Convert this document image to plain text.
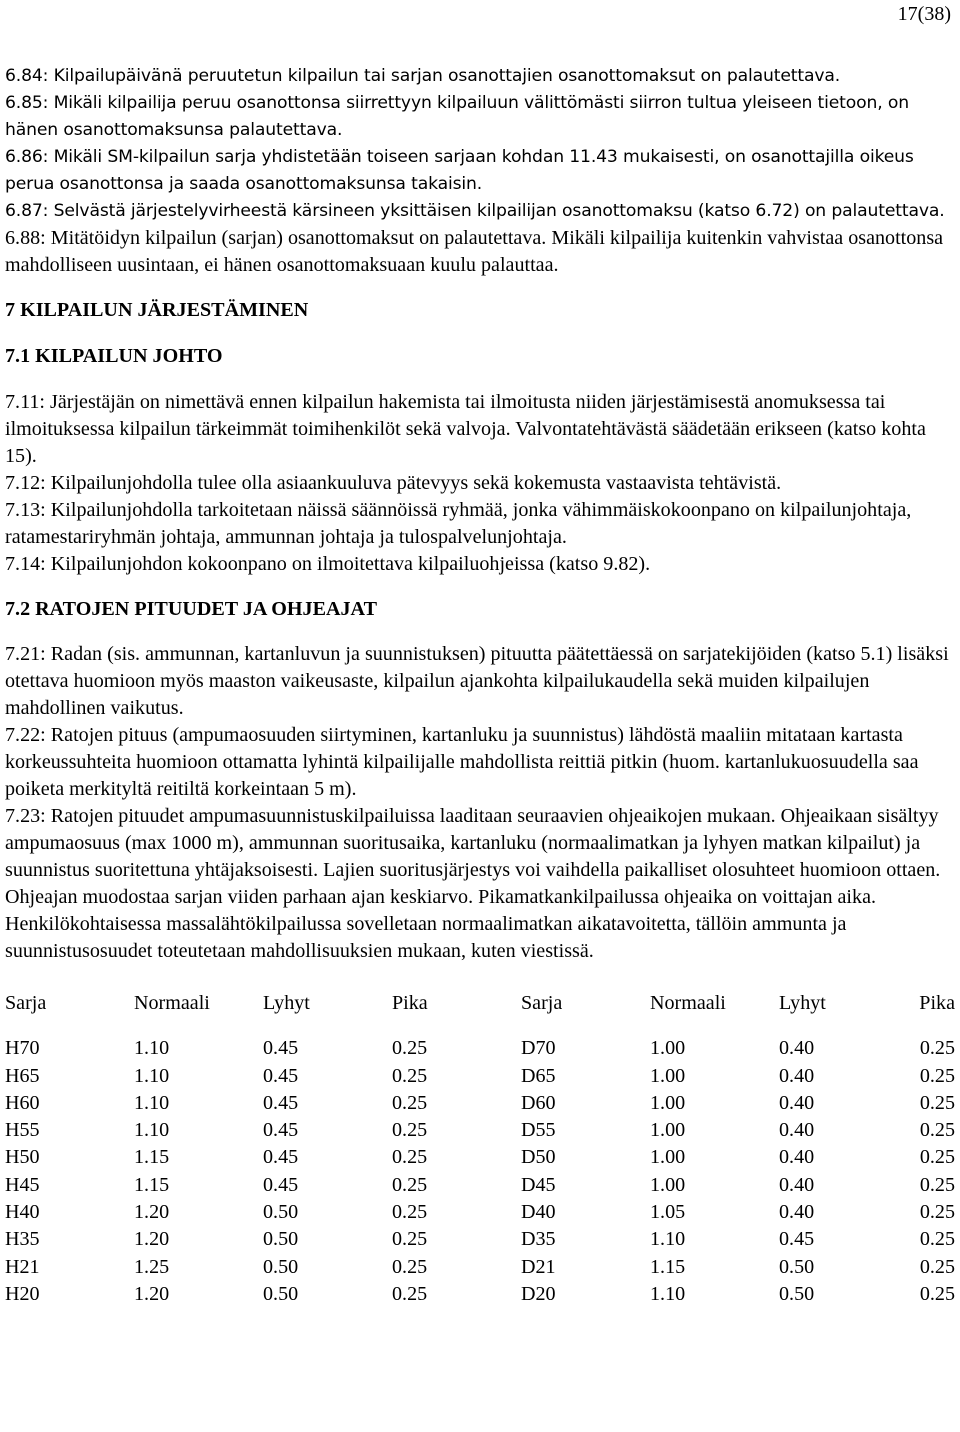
17(38)

6.84: Kilpailupäivänä peruutetun kilpailun tai sarjan osanottajien osanottomaksut on palautettava.

6.85: Mikäli kilpailija peruu osanottonsa siirrettyyn kilpailuun välittömästi siirron tultua yleiseen tietoon, on hänen osanottomaksunsa palautettava.

6.86: Mikäli SM-kilpailun sarja yhdistetään toiseen sarjaan kohdan 11.43 mukaisesti, on osanottajilla oikeus perua osanottonsa ja saada osanottomaksunsa takaisin.

6.87: Selvästä järjestelyvirheestä kärsineen yksittäisen kilpailijan osanottomaksu (katso 6.72) on palautettava.

6.88: Mitätöidyn kilpailun (sarjan) osanottomaksut on palautettava. Mikäli kilpailija kuitenkin vahvistaa osanottonsa mahdolliseen uusintaan, ei hänen osanottomaksuaan kuulu palauttaa.

7 KILPAILUN JÄRJESTÄMINEN
7.1 KILPAILUN JOHTO

7.11: Järjestäjän on nimettävä ennen kilpailun hakemista tai ilmoitusta niiden järjestämisestä anomuksessa tai ilmoituksessa kilpailun tärkeimmät toimihenkilöt sekä valvoja. Valvontatehtävästä säädetään erikseen (katso kohta 15).

7.12: Kilpailunjohdolla tulee olla asiaankuuluva pätevyys sekä kokemusta vastaavista tehtävistä.

7.13: Kilpailunjohdolla tarkoitetaan näissä säännöissä ryhmää, jonka vähimmäiskokoonpano on kilpailunjohtaja, ratamestariryhmän johtaja, ammunnan johtaja ja tulospalvelunjohtaja.

7.14: Kilpailunjohdon kokoonpano on ilmoitettava kilpailuohjeissa (katso 9.82).

7.2 RATOJEN PITUUDET JA OHJEAJAT

7.21: Radan (sis. ammunnan, kartanluvun ja suunnistuksen) pituutta päätettäessä on sarjatekijöiden (katso 5.1) lisäksi otettava huomioon myös maaston vaikeusaste, kilpailun ajankohta kilpailukaudella sekä muiden kilpailujen mahdollinen vaikutus.

7.22: Ratojen pituus (ampumaosuuden siirtyminen, kartanluku ja suunnistus) lähdöstä maaliin mitataan kartasta korkeussuhteita huomioon ottamatta lyhintä kilpailijalle mahdollista reittiä pitkin (huom. kartanlukuosuudella saa poiketa merkityltä reitiltä korkeintaan 5 m).

7.23: Ratojen pituudet ampumasuunnistuskilpailuissa laaditaan seuraavien ohjeaikojen mukaan. Ohjeaikaan sisältyy ampumaosuus (max 1000 m), ammunnan suoritusaika, kartanluku (normaalimatkan ja lyhyen matkan kilpailut) ja suunnistus suoritettuna yhtäjaksoisesti. Lajien suoritusjärjestys voi vaihdella paikalliset olosuhteet huomioon ottaen. Ohjeajan muodostaa sarjan viiden parhaan ajan keskiarvo. Pikamatkankilpailussa ohjeaika on voittajan aika.

Henkilökohtaisessa massalähtökilpailussa sovelletaan normaalimatkan aikatavoitetta, tällöin ammunta ja suunnistusosuudet toteutetaan mahdollisuuksien mukaan, kuten viestissä.

Sarja	Normaali	Lyhyt	Pika	Sarja	Normaali	Lyhyt	Pika
H70	1.10	0.45	0.25	D70	1.00	0.40	0.25
H65	1.10	0.45	0.25	D65	1.00	0.40	0.25
H60	1.10	0.45	0.25	D60	1.00	0.40	0.25
H55	1.10	0.45	0.25	D55	1.00	0.40	0.25
H50	1.15	0.45	0.25	D50	1.00	0.40	0.25
H45	1.15	0.45	0.25	D45	1.00	0.40	0.25
H40	1.20	0.50	0.25	D40	1.05	0.40	0.25
H35	1.20	0.50	0.25	D35	1.10	0.45	0.25
H21	1.25	0.50	0.25	D21	1.15	0.50	0.25
H20	1.20	0.50	0.25	D20	1.10	0.50	0.25
